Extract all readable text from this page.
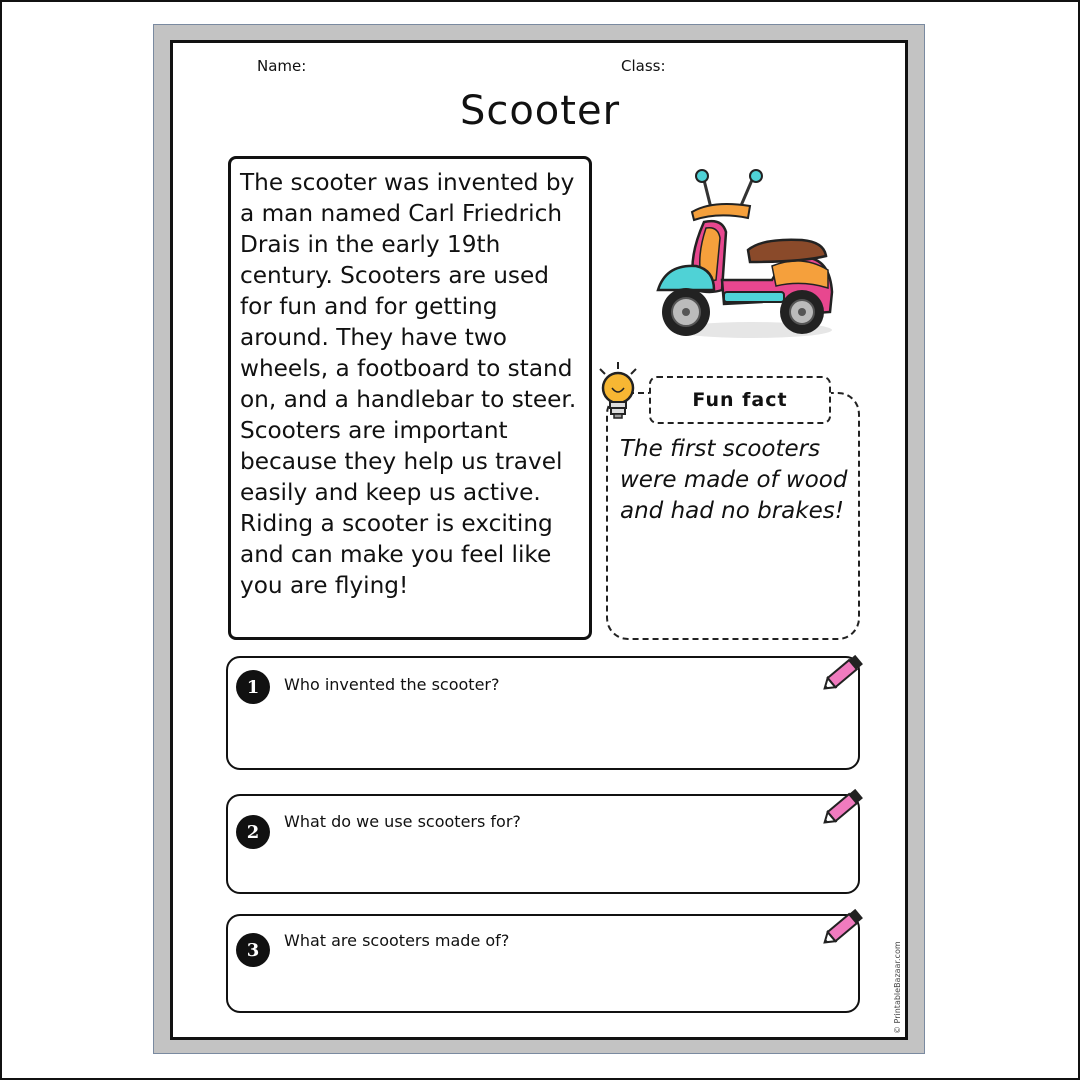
Name:	Class:
Scooter
The scooter was invented by a man named Carl Friedrich Drais in the early 19th century. Scooters are used for fun and for getting around. They have two wheels, a footboard to stand on, and a handlebar to steer. Scooters are important because they help us travel easily and keep us active. Riding a scooter is exciting and can make you feel like you are flying!
Fun fact
The first scooters were made of wood and had no brakes!
1	Who invented the scooter?
2	What do we use scooters for?
3	What are scooters made of?
© PrintableBazaar.com
